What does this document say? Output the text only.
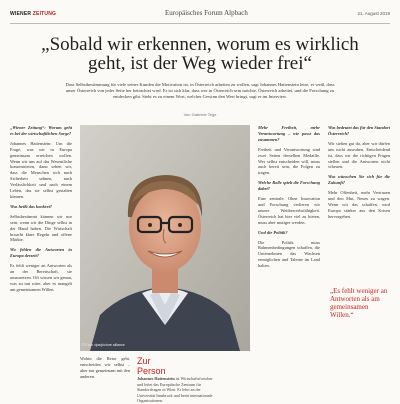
WIENER ZEITUNG	Europäisches Forum Alpbach	21. August 2019
„Sobald wir erkennen, worum es wirklich geht, ist der Weg wieder frei“
Dass Selbstbestimmung für viele seiner Kunden die Motivation ist, in Österreich arbeiten zu wollen, sagt Johannes Hattenstein leise, er weiß, dass unser Österreich von jeder Seite her betrachtet wird. Er ist sich klar, dass wer in Österreich sein möchte, Österreich arbeitet, und die Forschung zu entdecken gibt. Sieht es zu einem Wort, welcher Gewinn den Wert bringt, sagt er im Interview.
Von Gabriele Tege

„Wiener Zeitung“: Worum geht es bei der wirtschaftlichen Sorge?

Johannes Hattenstein: Um die Frage, was wir in Europa gemeinsam erreichen wollen. Wenn wir uns auf das Wesentliche konzentrieren, dann sehen wir, dass die Menschen sich nach Sicherheit sehnen, nach Verlässlichkeit und nach einem Leben, das sie selbst gestalten können.

Was heißt das konkret?

Selbstbestimmt können wir nur sein, wenn wir die Dinge selbst in der Hand haben. Die Wirtschaft braucht klare Regeln und offene Märkte.

Wo fehlen die Antworten in Europa derzeit?

Es fehlt weniger an Antworten als an der Bereitschaft, sie umzusetzen. Oft wissen wir genau, was zu tun wäre, aber es mangelt am gemeinsamen Willen.

© Foto: dpa/picture alliance
Wohin die Reise geht, entscheiden wir selbst – aber nur gemeinsam mit den anderen.
Zur Person Johannes Hattenstein ist Wirtschaftsforscher und leitet das Europäische Zentrum für Standortfragen in Wien. Er lehrt an der Universität Innsbruck und berät internationale Organisationen.

Mehr Freiheit, mehr Verantwortung – wie passt das zusammen?

Freiheit und Verantwortung sind zwei Seiten derselben Medaille. Wer selbst entscheiden will, muss auch bereit sein, die Folgen zu tragen.

Welche Rolle spielt die Forschung dabei?

Eine zentrale. Ohne Innovation und Forschung verlieren wir unsere Wettbewerbsfähigkeit. Österreich hat hier viel zu bieten, muss aber mutiger werden.

Und die Politik?

Die Politik muss Rahmenbedingungen schaffen, die Unternehmen das Wachsen ermöglichen und Talente im Land halten.

Was bedeutet das für den Standort Österreich?

Wir stehen gut da, aber wir dürfen uns nicht ausruhen. Entscheidend ist, dass wir die richtigen Fragen stellen und die Antworten nicht scheuen.

Was wünschen Sie sich für die Zukunft?

Mehr Offenheit, mehr Vertrauen und den Mut, Neues zu wagen. Wenn wir das schaffen, wird Europa stärker aus den Krisen hervorgehen.

„Es fehlt weniger an Antworten als am gemeinsamen Willen.“
